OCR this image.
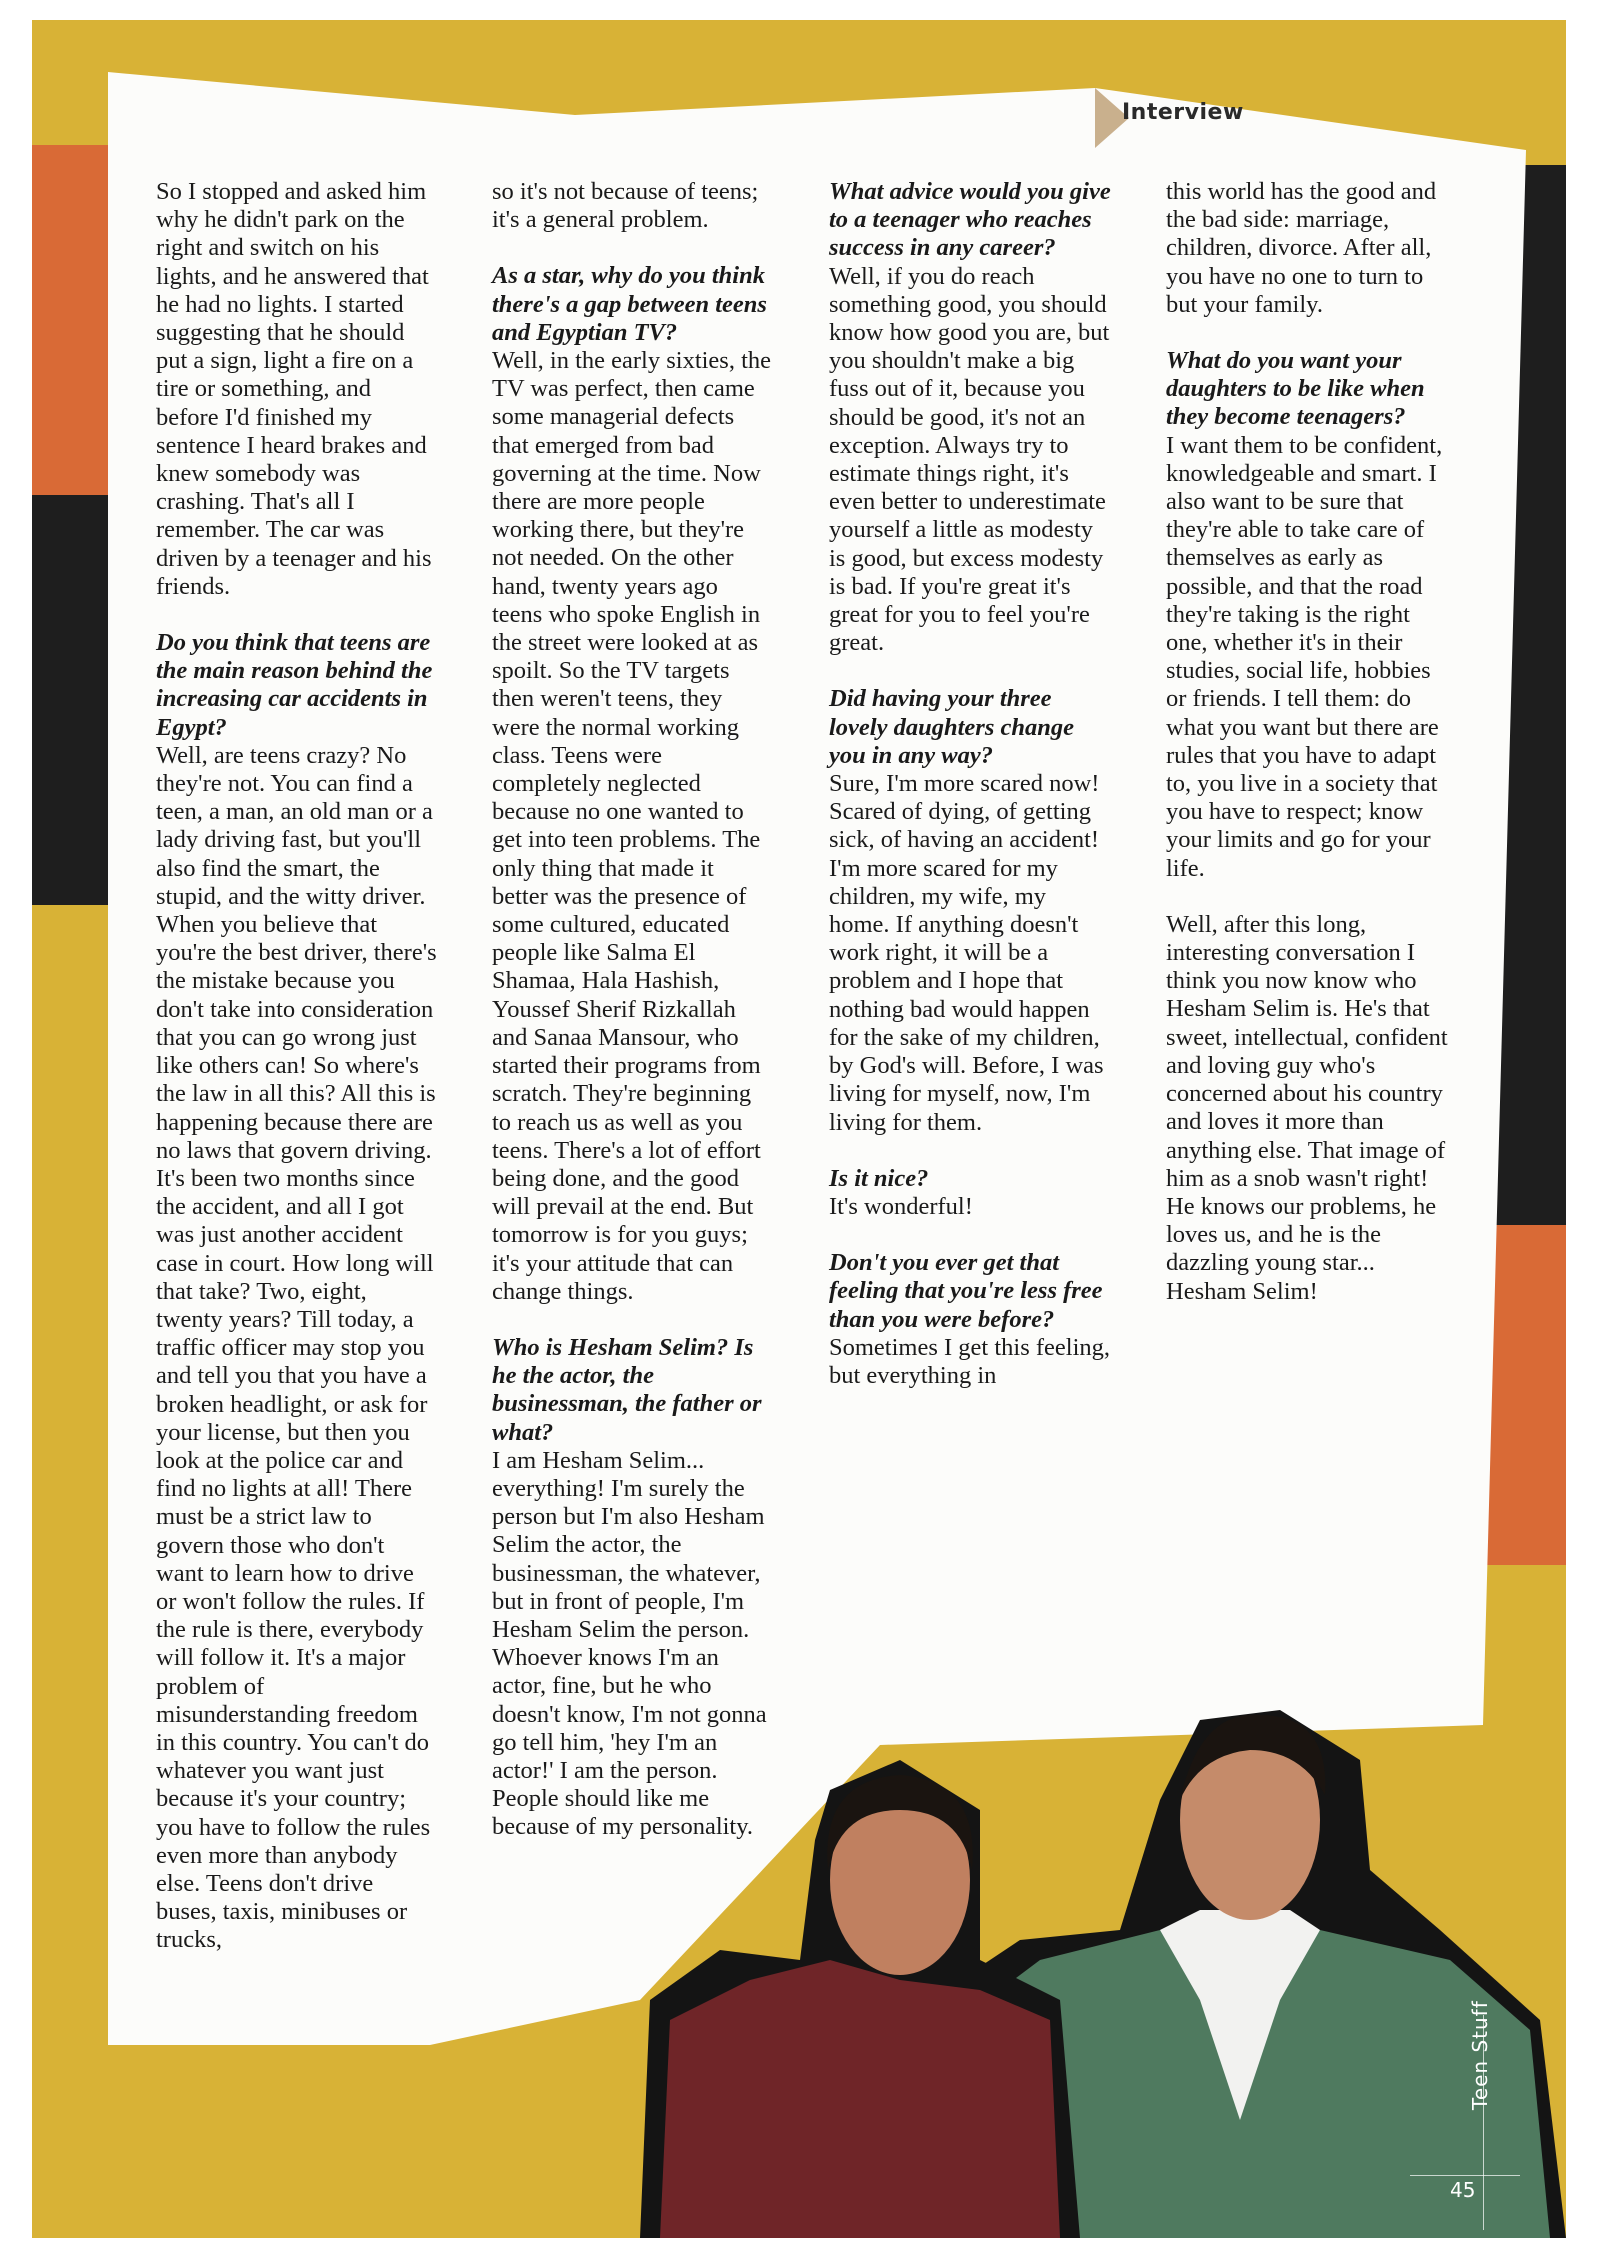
Interview

So I stopped and asked him why he didn't park on the right and switch on his lights, and he answered that he had no lights. I started suggesting that he should put a sign, light a fire on a tire or something, and before I'd finished my sentence I heard brakes and knew somebody was crashing. That's all I remember. The car was driven by a teenager and his friends.

Do you think that teens are the main reason behind the increasing car accidents in Egypt?

Well, are teens crazy? No they're not. You can find a teen, a man, an old man or a lady driving fast, but you'll also find the smart, the stupid, and the witty driver. When you believe that you're the best driver, there's the mistake because you don't take into consideration that you can go wrong just like others can! So where's the law in all this? All this is happening because there are no laws that govern driving. It's been two months since the accident, and all I got was just another accident case in court. How long will that take? Two, eight, twenty years? Till today, a traffic officer may stop you and tell you that you have a broken headlight, or ask for your license, but then you look at the police car and find no lights at all! There must be a strict law to govern those who don't want to learn how to drive or won't follow the rules. If the rule is there, everybody will follow it. It's a major problem of misunderstanding freedom in this country. You can't do whatever you want just because it's your country; you have to follow the rules even more than anybody else. Teens don't drive buses, taxis, minibuses or trucks,

so it's not because of teens; it's a general problem.

As a star, why do you think there's a gap between teens and Egyptian TV?

Well, in the early sixties, the TV was perfect, then came some managerial defects that emerged from bad governing at the time. Now there are more people working there, but they're not needed. On the other hand, twenty years ago teens who spoke English in the street were looked at as spoilt. So the TV targets then weren't teens, they were the normal working class. Teens were completely neglected because no one wanted to get into teen problems. The only thing that made it better was the presence of some cultured, educated people like Salma El Shamaa, Hala Hashish, Youssef Sherif Rizkallah and Sanaa Mansour, who started their programs from scratch. They're beginning to reach us as well as you teens. There's a lot of effort being done, and the good will prevail at the end. But tomorrow is for you guys; it's your attitude that can change things.

Who is Hesham Selim? Is he the actor, the businessman, the father or what?

I am Hesham Selim... everything! I'm surely the person but I'm also Hesham Selim the actor, the businessman, the whatever, but in front of people, I'm Hesham Selim the person. Whoever knows I'm an actor, fine, but he who doesn't know, I'm not gonna go tell him, 'hey I'm an actor!' I am the person. People should like me because of my personality.

What advice would you give to a teenager who reaches success in any career?

Well, if you do reach something good, you should know how good you are, but you shouldn't make a big fuss out of it, because you should be good, it's not an exception. Always try to estimate things right, it's even better to underestimate yourself a little as modesty is good, but excess modesty is bad. If you're great it's great for you to feel you're great.

Did having your three lovely daughters change you in any way?

Sure, I'm more scared now! Scared of dying, of getting sick, of having an accident! I'm more scared for my children, my wife, my home. If anything doesn't work right, it will be a problem and I hope that nothing bad would happen for the sake of my children, by God's will. Before, I was living for myself, now, I'm living for them.

Is it nice?

It's wonderful!

Don't you ever get that feeling that you're less free than you were before?

Sometimes I get this feeling, but everything in

this world has the good and the bad side: marriage, children, divorce. After all, you have no one to turn to but your family.

What do you want your daughters to be like when they become teenagers?

I want them to be confident, knowledgeable and smart. I also want to be sure that they're able to take care of themselves as early as possible, and that the road they're taking is the right one, whether it's in their studies, social life, hobbies or friends. I tell them: do what you want but there are rules that you have to adapt to, you live in a society that you have to respect; know your limits and go for your life.

Well, after this long, interesting conversation I think you now know who Hesham Selim is. He's that sweet, intellectual, confident and loving guy who's concerned about his country and loves it more than anything else. That image of him as a snob wasn't right! He knows our problems, he loves us, and he is the dazzling young star... Hesham Selim!

Teen Stuff
45
